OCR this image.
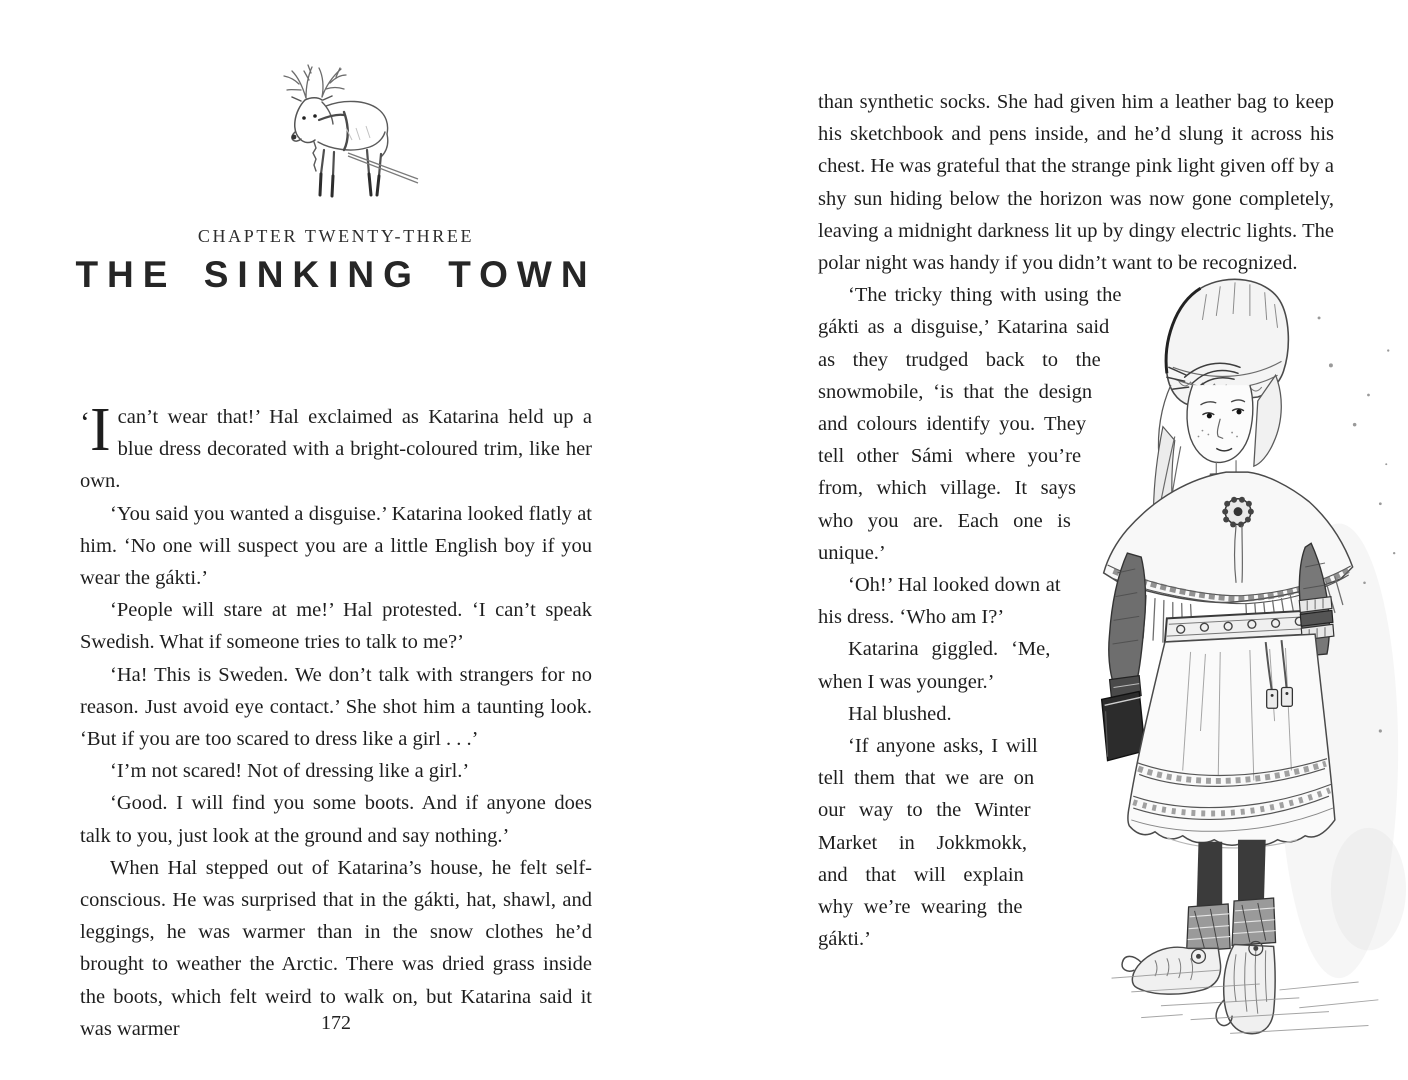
CHAPTER TWENTY-THREE
THE SINKING TOWN

‘I can’t wear that!’ Hal exclaimed as Katarina held up a blue dress decorated with a bright-coloured trim, like her own.

‘You said you wanted a disguise.’ Katarina looked flatly at him. ‘No one will suspect you are a little English boy if you wear the gákti.’

‘People will stare at me!’ Hal protested. ‘I can’t speak Swedish. What if someone tries to talk to me?’

‘Ha! This is Sweden. We don’t talk with strangers for no reason. Just avoid eye contact.’ She shot him a taunting look. ‘But if you are too scared to dress like a girl . . .’

‘I’m not scared! Not of dressing like a girl.’

‘Good. I will find you some boots. And if anyone does talk to you, just look at the ground and say nothing.’

When Hal stepped out of Katarina’s house, he felt self-conscious. He was surprised that in the gákti, hat, shawl, and leggings, he was warmer than in the snow clothes he’d brought to weather the Arctic. There was dried grass inside the boots, which felt weird to walk on, but Katarina said it was warmer	172

than synthetic socks. She had given him a leather bag to keep his sketchbook and pens inside, and he’d slung it across his chest. He was grateful that the strange pink light given off by a shy sun hiding below the horizon was now gone completely, leaving a midnight darkness lit up by dingy electric lights. The polar night was handy if you didn’t want to be recognized.

‘The tricky thing with using the gákti as a disguise,’ Katarina said as they trudged back to the snowmobile, ‘is that the design and colours identify you. They tell other Sámi where you’re from, which village. It says who you are. Each one is unique.’

‘Oh!’ Hal looked down at his dress. ‘Who am I?’

Katarina giggled. ‘Me, when I was younger.’

Hal blushed.

‘If anyone asks, I will tell them that we are on our way to the Winter Market in Jokkmokk, and that will explain why we’re wearing the gákti.’
